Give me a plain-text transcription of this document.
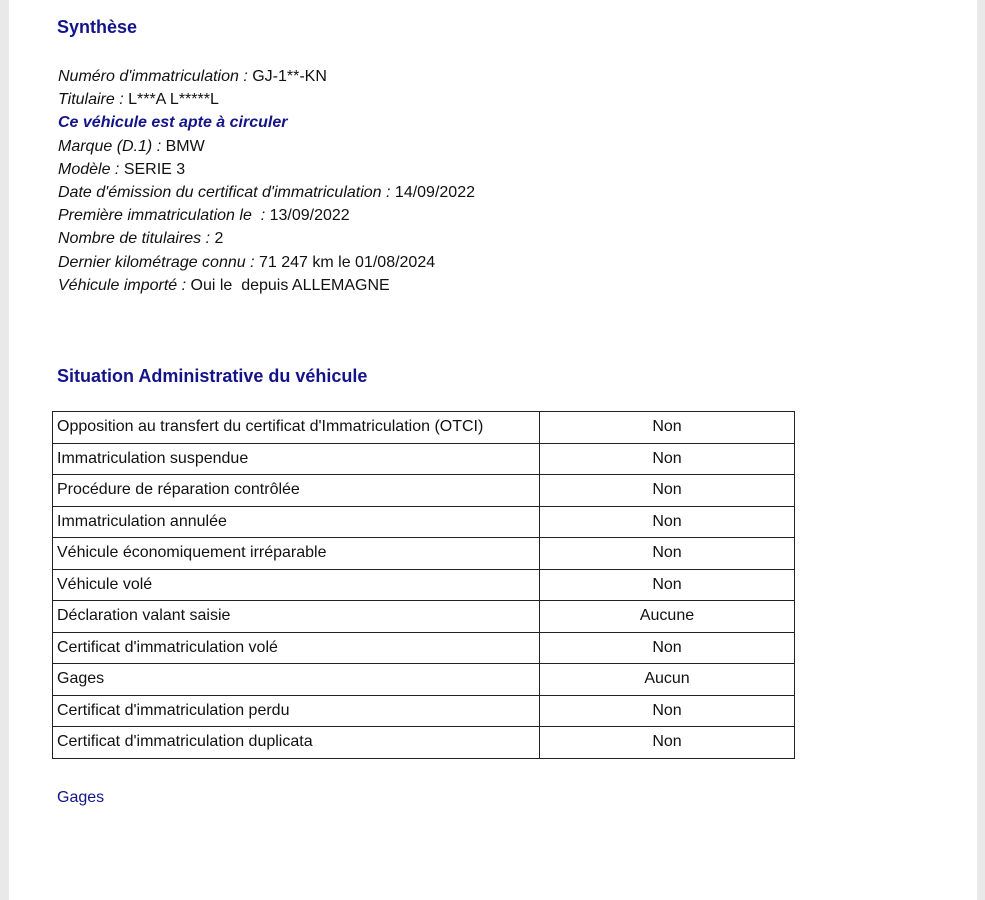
Synthèse
Numéro d'immatriculation : GJ-1**-KN
Titulaire : L***A L*****L
Ce véhicule est apte à circuler
Marque (D.1) : BMW
Modèle : SERIE 3
Date d'émission du certificat d'immatriculation : 14/09/2022
Première immatriculation le  : 13/09/2022
Nombre de titulaires : 2
Dernier kilométrage connu : 71 247 km le 01/08/2024
Véhicule importé : Oui le  depuis ALLEMAGNE
Situation Administrative du véhicule
Opposition au transfert du certificat d'Immatriculation (OTCI)	Non
Immatriculation suspendue	Non
Procédure de réparation contrôlée	Non
Immatriculation annulée	Non
Véhicule économiquement irréparable	Non
Véhicule volé	Non
Déclaration valant saisie	Aucune
Certificat d'immatriculation volé	Non
Gages	Aucun
Certificat d'immatriculation perdu	Non
Certificat d'immatriculation duplicata	Non
Gages
